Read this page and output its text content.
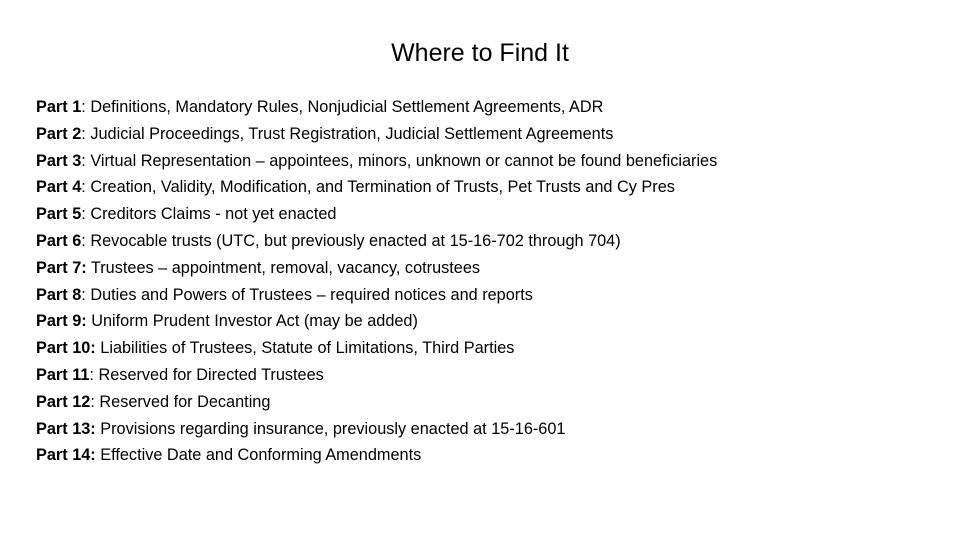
Where to Find It
Part 1: Definitions, Mandatory Rules, Nonjudicial Settlement Agreements, ADR
Part 2: Judicial Proceedings, Trust Registration, Judicial Settlement Agreements
Part 3: Virtual Representation – appointees, minors, unknown or cannot be found beneficiaries
Part 4: Creation, Validity, Modification, and Termination of Trusts, Pet Trusts and Cy Pres
Part 5: Creditors Claims - not yet enacted
Part 6: Revocable trusts (UTC, but previously enacted at 15-16-702 through 704)
Part 7: Trustees – appointment, removal, vacancy, cotrustees
Part 8: Duties and Powers of Trustees – required notices and reports
Part 9: Uniform Prudent Investor Act (may be added)
Part 10: Liabilities of Trustees, Statute of Limitations, Third Parties
Part 11: Reserved for Directed Trustees
Part 12: Reserved for Decanting
Part 13: Provisions regarding insurance, previously enacted at 15-16-601
Part 14: Effective Date and Conforming Amendments
